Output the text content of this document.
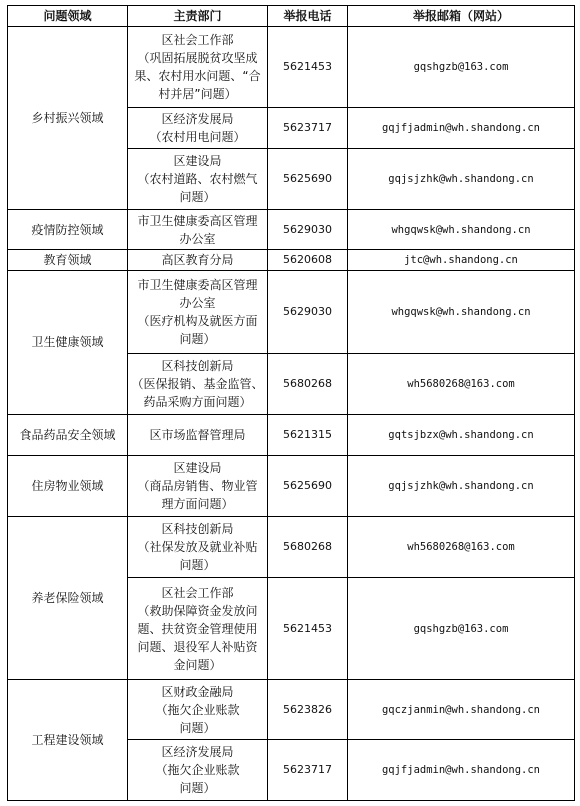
问题领域	主责部门	举报电话	举报邮箱（网站）
乡村振兴领域	区社会工作部
（巩固拓展脱贫攻坚成
果、农村用水问题、“合
村并居”问题）	5621453	gqshgzb@163.com

	区经济发展局
（农村用电问题）	5623717	gqjfjadmin@wh.shandong.cn

	区建设局
（农村道路、农村燃气
问题）	5625690	gqjsjzhk@wh.shandong.cn
疫情防控领域	市卫生健康委高区管理
办公室	5629030	whgqwsk@wh.shandong.cn
教育领域	高区教育分局	5620608	jtc@wh.shandong.cn
卫生健康领域	市卫生健康委高区管理
办公室
（医疗机构及就医方面
问题）	5629030	whgqwsk@wh.shandong.cn

	区科技创新局
（医保报销、基金监管、
药品采购方面问题）	5680268	wh5680268@163.com
食品药品安全领域	区市场监督管理局	5621315	gqtsjbzx@wh.shandong.cn
住房物业领域	区建设局
（商品房销售、物业管
理方面问题）	5625690	gqjsjzhk@wh.shandong.cn
养老保险领域	区科技创新局
（社保发放及就业补贴
问题）	5680268	wh5680268@163.com

	区社会工作部
（救助保障资金发放问
题、扶贫资金管理使用
问题、退役军人补贴资
金问题）	5621453	gqshgzb@163.com
工程建设领域	区财政金融局
（拖欠企业账款
问题）	5623826	gqczjanmin@wh.shandong.cn

	区经济发展局
（拖欠企业账款
问题）	5623717	gqjfjadmin@wh.shandong.cn
